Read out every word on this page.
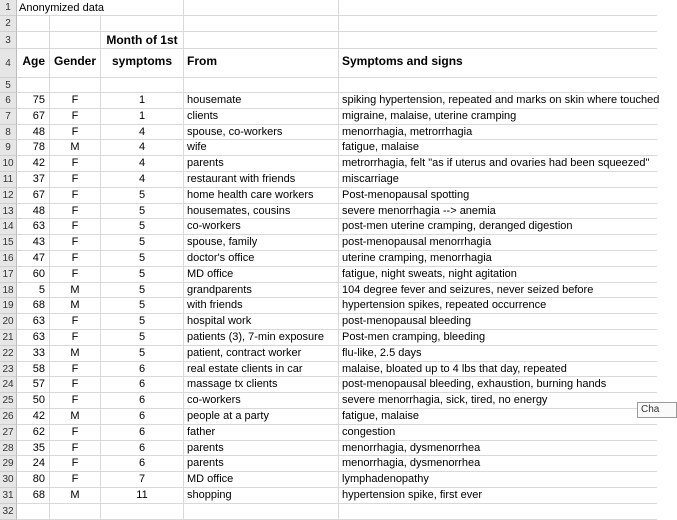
1 Anonymized data
2
3	Month of 1st
4 Age Gender	symptoms	From	Symptoms and signs
5
6	75	F	1	housemate	spiking hypertension, repeated and marks on skin where touched
7	67	F	1	clients	migraine, malaise, uterine cramping
8	48	F	4	spouse, co-workers	menorrhagia, metrorrhagia
9	78	M	4	wife	fatigue, malaise
10	42	F	4	parents	metrorrhagia, felt "as if uterus and ovaries had been squeezed"
11	37	F	4	restaurant with friends	miscarriage
12	67	F	5	home health care workers	Post-menopausal spotting
13	48	F	5	housemates, cousins	severe menorrhagia --> anemia
14	63	F	5	co-workers	post-men uterine cramping, deranged digestion
15	43	F	5	spouse, family	post-menopausal menorrhagia
16	47	F	5	doctor's office	uterine cramping, menorrhagia
17	60	F	5	MD office	fatigue, night sweats, night agitation
18	5	M	5	grandparents	104 degree fever and seizures, never seized before
19	68	M	5	with friends	hypertension spikes, repeated occurrence
20	63	F	5	hospital work	post-menopausal bleeding
21	63	F	5	patients (3), 7-min exposure	Post-men cramping, bleeding
22	33	M	5	patient, contract worker	flu-like, 2.5 days
23	58	F	6	real estate clients in car	malaise, bloated up to 4 lbs that day, repeated
24	57	F	6	massage tx clients	post-menopausal bleeding, exhaustion, burning hands
25	50	F	6	co-workers	severe menorrhagia, sick, tired, no energy
26	42	M	6	people at a party	fatigue, malaise
27	62	F	6	father	congestion
28	35	F	6	parents	menorrhagia, dysmenorrhea
29	24	F	6	parents	menorrhagia, dysmenorrhea
30	80	F	7	MD office	lymphadenopathy
31	68	M	11	shopping	hypertension spike, first ever
32
Cha
